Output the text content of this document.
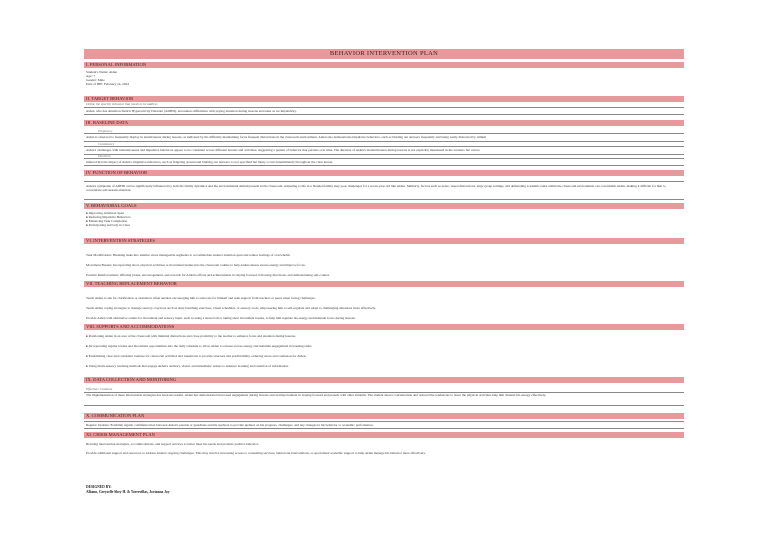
BEHAVIOR INTERVENTION PLAN
I. PERSONAL INFORMATION
Student's Name: Aiden
Age: 7
Gender: Male
Date of BIP: February 14, 2024
II. TARGET BEHAVIOR
Define the specific behavior that needs to be address
Aiden, who has Attention Deficit Hyperactivity Disorder (ADHD), encounters difficulties with paying attention during lessons and tasks as we impulsivity.
III. BASELINE DATA
Frequency
Aiden is observed to frequently display in attentiveness during lessons, as indicated by his difficulty maintaining focus frequent distractions in the classroom environment. Aiden also demonstrates impulsive behaviors, such as blurting out answers frequently and being easily distracted by stimuli
Consistency
Aiden's challenges with inattentiveness and impulsive behaviors appear to be consistent across different lessons and activities, suggesting a pattern of behavior that persists over time. The duration of Aiden's inattentiveness during lessons is not explicitly mentioned in the scenario but can be
Duration
inferred that the impact of Aiden's impulsive behaviors, such as fidgeting around and blurting out answers, is not specified but likely occurs intermittently throughout the class lesson.
IV. FUNCTION OF BEHAVIOR
Aiden's symptoms of ADHD can be significantly influenced by both his family dynamics and the environmental stimuli present in the classroom. Adjusting to life in a blended family may pose challenges for a seven-year-old like Aiden. Similarly, factors such as noise, visual distractions, large group settings, and demanding academic tasks within the classroom environment can overwhelm Aiden, making it difficult for him to concentrate and sustain attention.
V. BEHAVIORAL GOALS
■ Improving Attention Span
■ Reducing Impulsive Behaviors
■ Enhancing Task Completion
■ Participating Actively in Class
VI. INTERVENTION STRATEGIES
Task Modification: Breaking tasks into smaller, more manageable segments to accommodate Aiden's attention span and reduce feelings of overwhelm.
Movement Breaks: Incorporating short, physical activities or movement breaks into the classroom routine to help Aiden release excess energy and improve focus.
Positive Reinforcement: Offering praise, encouragement, and rewards for Aiden's efforts and achievements in staying focused, following directions, and demonstrating self-control.
VII. TEACHING REPLACEMENT BEHAVIOR
Teach Aiden to ask for clarification or assistance when needed, encouraging him to advocate for himself and seek support from teachers or peers when facing challenges.
Teach Aiden coping strategies to manage sensory overload, such as deep breathing exercises, visual schedules, or sensory tools, empowering him to self-regulate and adapt to challenging situations more effectively.
Provide Aiden with alternative outlets for movement and sensory input, such as using a stress ball or taking short movement breaks, to help him regulate his energy and maintain focus during lessons.
VIII. SUPPORTS AND ACCOMMODATIONS
■ Positioning Aiden in an area of the classroom with minimal distractions and close proximity to the teacher to enhance focus and attention during lessons.
■ Incorporating regular breaks and movement opportunities into the daily schedule to allow Aiden to release excess energy and maintain engagement in learning tasks.
■ Establishing clear and consistent routines for classroom activities and transitions to provide structure and predictability, reducing stress and confusion for Aiden.
■ Using multi-sensory teaching methods that engage Aiden's auditory, visual, and kinesthetic senses to enhance learning and retention of information.
IX. DATA COLLECTION AND MONITORING
Effective: Continue
The implementation of these intervention strategies has been successful. Aiden has demonstrated increased engagement during lessons and an improvement in staying focused and present with other students. The student shows concentration and reduced the tendencies to leave the physical activities help him channel his energy effectively.
X. COMMUNICATION PLAN
Regular Updates: Establish regular communication between Aiden's parents or guardians and his teachers to provide updates on his progress, challenges, and any changes in his behavior or academic performance.
XI. CRISIS MANAGEMENT PLAN
Revising intervention strategies, accommodations, and support services to better meet his needs and promote positive behavior.
Provide additional support and resources to address Aiden's ongoing challenges. This may involve increasing access to counseling services, behavioral interventions, or specialized academic support to help Aiden manage his behavior more effectively.
DESIGNED BY:
Albano, Greyselle Shey H. & Torrevillas, Jovianna Joy
